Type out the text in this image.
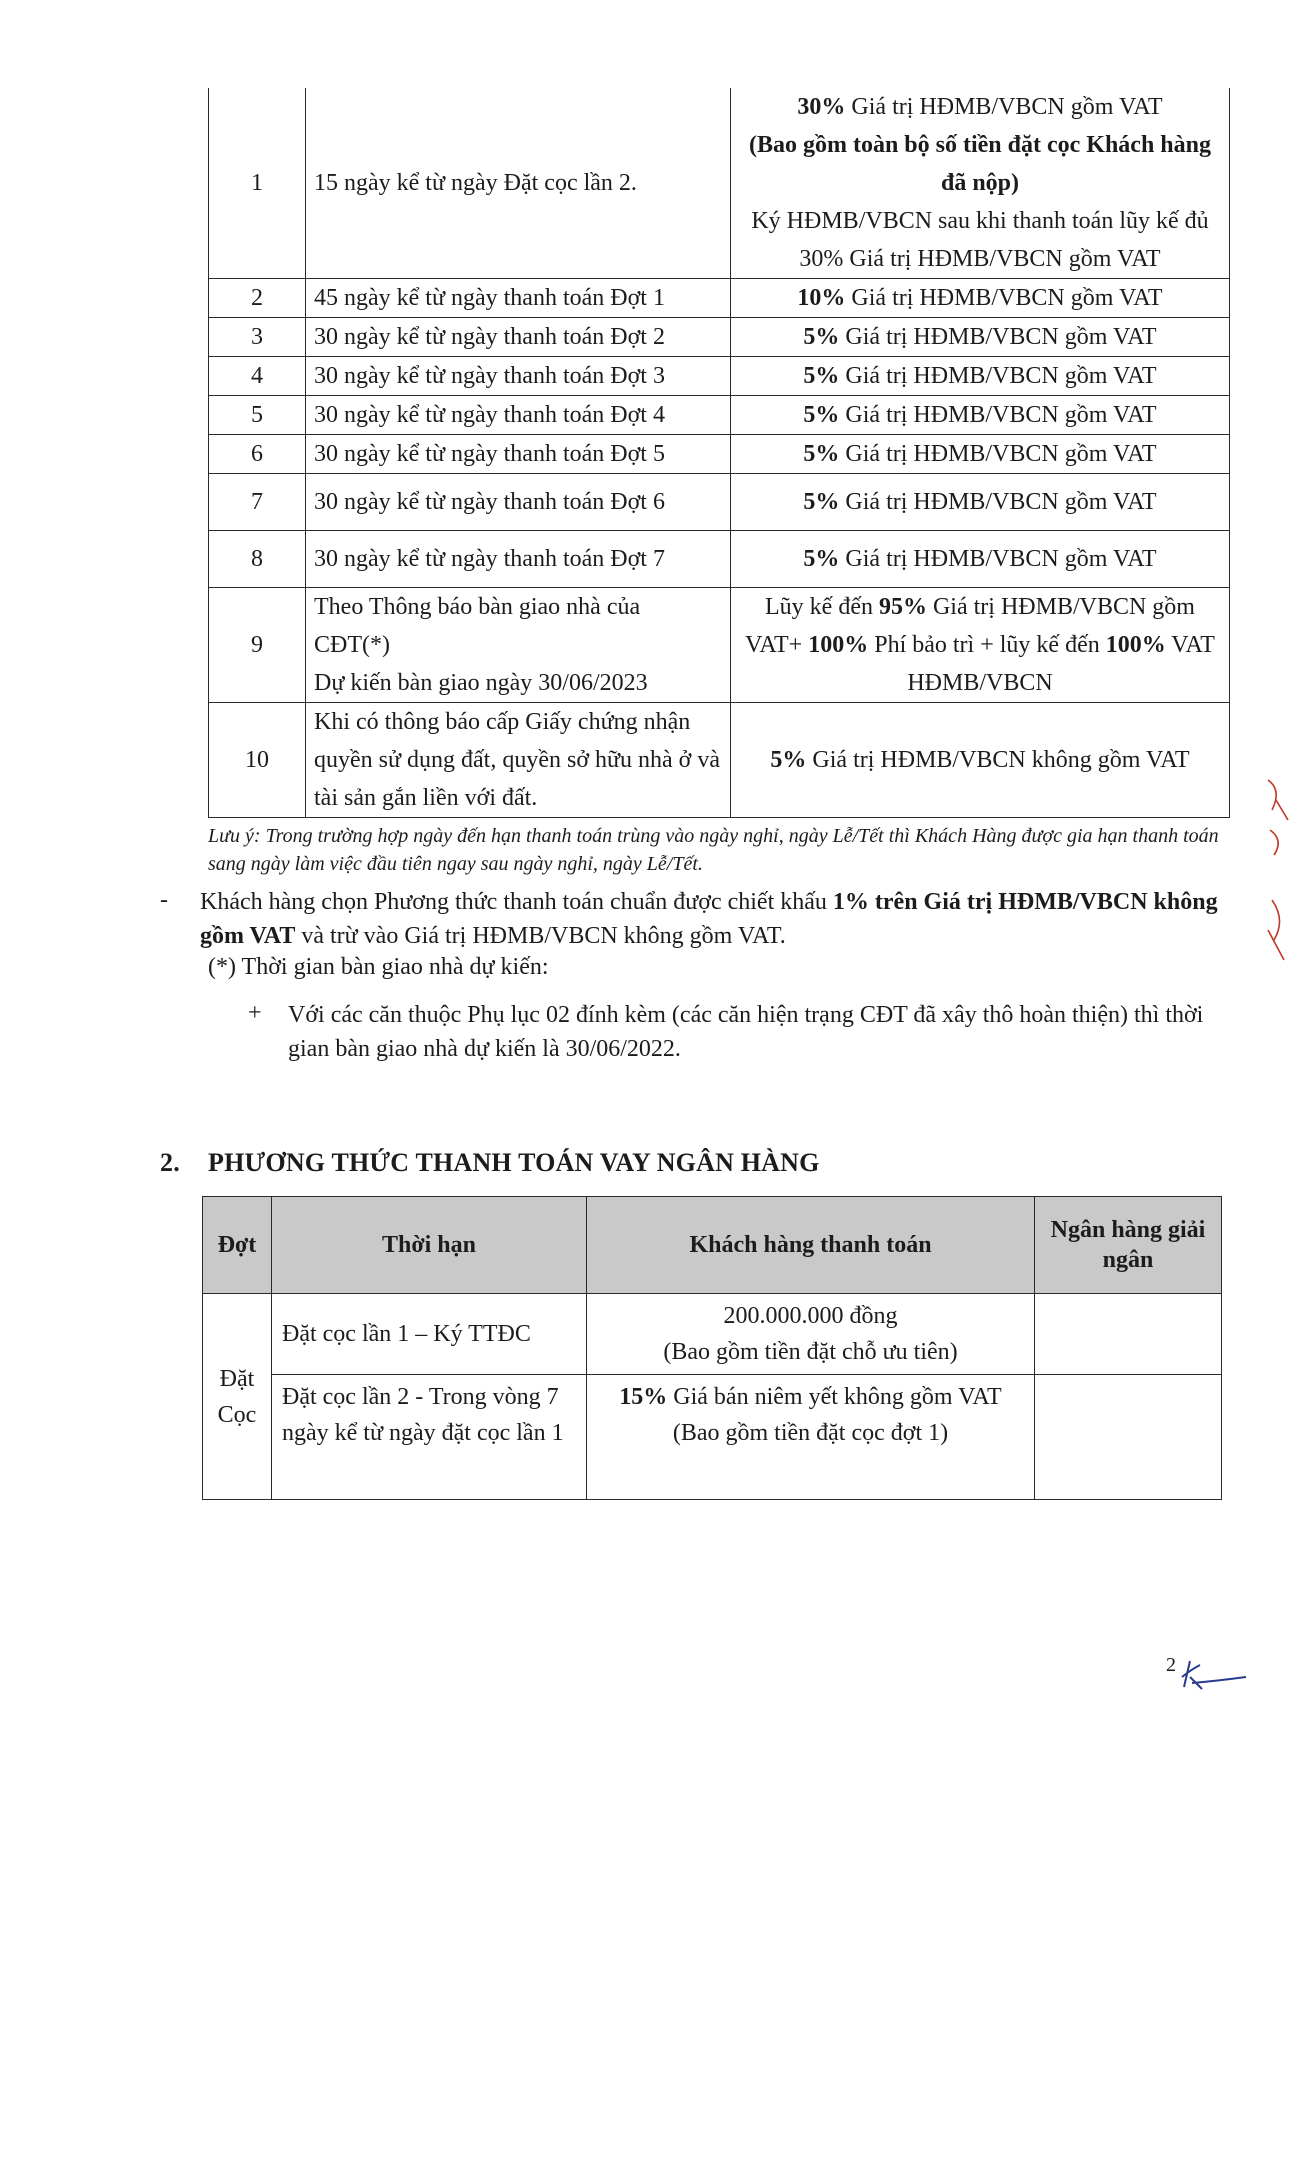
1	15 ngày kể từ ngày Đặt cọc lần 2.	30% Giá trị HĐMB/VBCN gồm VAT
(Bao gồm toàn bộ số tiền đặt cọc Khách hàng đã nộp)
Ký HĐMB/VBCN sau khi thanh toán lũy kế đủ 30% Giá trị HĐMB/VBCN gồm VAT

2	45 ngày kể từ ngày thanh toán Đợt 1	10% Giá trị HĐMB/VBCN gồm VAT
3	30 ngày kể từ ngày thanh toán Đợt 2	5% Giá trị HĐMB/VBCN gồm VAT
4	30 ngày kể từ ngày thanh toán Đợt 3	5% Giá trị HĐMB/VBCN gồm VAT
5	30 ngày kể từ ngày thanh toán Đợt 4	5% Giá trị HĐMB/VBCN gồm VAT
6	30 ngày kể từ ngày thanh toán Đợt 5	5% Giá trị HĐMB/VBCN gồm VAT
7	30 ngày kể từ ngày thanh toán Đợt 6	5% Giá trị HĐMB/VBCN gồm VAT
8	30 ngày kể từ ngày thanh toán Đợt 7	5% Giá trị HĐMB/VBCN gồm VAT
9	Theo Thông báo bàn giao nhà của CĐT(*)
Dự kiến bàn giao ngày 30/06/2023	Lũy kế đến 95% Giá trị HĐMB/VBCN gồm VAT+ 100% Phí bảo trì + lũy kế đến 100% VAT HĐMB/VBCN
10	Khi có thông báo cấp Giấy chứng nhận quyền sử dụng đất, quyền sở hữu nhà ở và tài sản gắn liền với đất.	5% Giá trị HĐMB/VBCN không gồm VAT
Lưu ý: Trong trường hợp ngày đến hạn thanh toán trùng vào ngày nghỉ, ngày Lễ/Tết thì Khách Hàng được gia hạn thanh toán sang ngày làm việc đầu tiên ngay sau ngày nghỉ, ngày Lễ/Tết.
- Khách hàng chọn Phương thức thanh toán chuẩn được chiết khấu 1% trên Giá trị HĐMB/VBCN không gồm VAT và trừ vào Giá trị HĐMB/VBCN không gồm VAT.
(*) Thời gian bàn giao nhà dự kiến:
+ Với các căn thuộc Phụ lục 02 đính kèm (các căn hiện trạng CĐT đã xây thô hoàn thiện) thì thời gian bàn giao nhà dự kiến là 30/06/2022.
2. PHƯƠNG THỨC THANH TOÁN VAY NGÂN HÀNG
Đợt	Thời hạn	Khách hàng thanh toán	Ngân hàng giải ngân
Đặt Cọc	Đặt cọc lần 1 – Ký TTĐC	200.000.000 đồng
(Bao gồm tiền đặt chỗ ưu tiên)	

	Đặt cọc lần 2 - Trong vòng 7 ngày kể từ ngày đặt cọc lần 1	15% Giá bán niêm yết không gồm VAT
(Bao gồm tiền đặt cọc đợt 1)	

2
